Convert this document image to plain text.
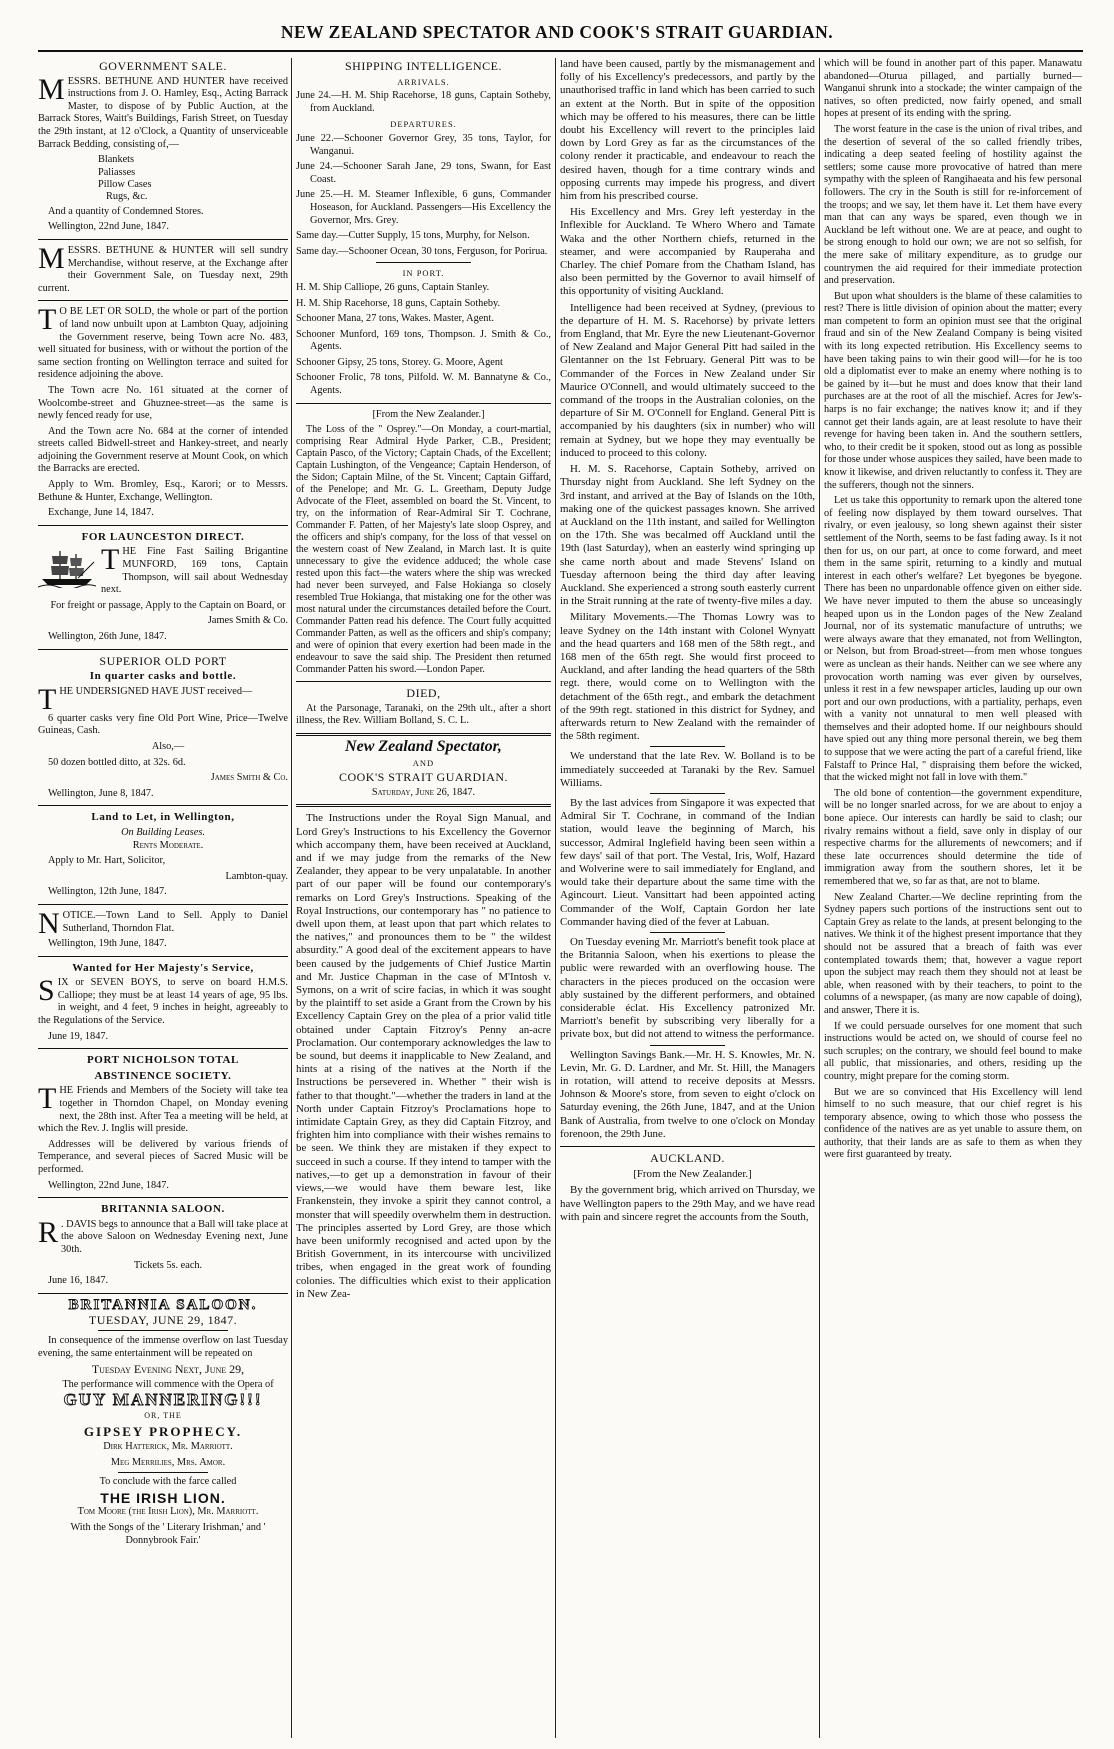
NEW ZEALAND SPECTATOR AND COOK'S STRAIT GUARDIAN.
GOVERNMENT SALE.

MESSRS. BETHUNE AND HUNTER have received instructions from J. O. Hamley, Esq., Acting Barrack Master, to dispose of by Public Auction, at the Barrack Stores, Waitt's Buildings, Farish Street, on Tuesday the 29th instant, at 12 o'Clock, a Quantity of unserviceable Barrack Bedding, consisting of,—

Blankets
Paliasses
Pillow Cases
Rugs, &c.

And a quantity of Condemned Stores.

Wellington, 22nd June, 1847.

MESSRS. BETHUNE & HUNTER will sell sundry Merchandise, without reserve, at the Exchange after their Government Sale, on Tuesday next, 29th current.

T O BE LET OR SOLD, the whole or part of the portion of land now unbuilt upon at Lambton Quay, adjoining the Government reserve, being Town acre No. 483, well situated for business, with or without the portion of the same section fronting on Wellington terrace and suited for residence adjoining the above.

The Town acre No. 161 situated at the corner of Woolcombe-street and Ghuznee-street—as the same is newly fenced ready for use,

And the Town acre No. 684 at the corner of intended streets called Bidwell-street and Hankey-street, and nearly adjoining the Government reserve at Mount Cook, on which the Barracks are erected.

Apply to Wm. Bromley, Esq., Karori; or to Messrs. Bethune & Hunter, Exchange, Wellington.

Exchange, June 14, 1847.

FOR LAUNCESTON DIRECT.

THE Fine Fast Sailing Brigantine MUNFORD, 169 tons, Captain Thompson, will sail about Wednesday next.

For freight or passage, Apply to the Captain on Board, or

James Smith & Co.

Wellington, 26th June, 1847.

SUPERIOR OLD PORT
In quarter casks and bottle.

THE UNDERSIGNED HAVE JUST received—

6 quarter casks very fine Old Port Wine, Price—Twelve Guineas, Cash.

Also,—

50 dozen bottled ditto, at 32s. 6d.

James Smith & Co.

Wellington, June 8, 1847.

Land to Let, in Wellington,
On Building Leases.

Rents Moderate.

Apply to Mr. Hart, Solicitor,

Lambton-quay.

Wellington, 12th June, 1847.

NOTICE.—Town Land to Sell. Apply to Daniel Sutherland, Thorndon Flat.

Wellington, 19th June, 1847.

Wanted for Her Majesty's Service,

SIX or SEVEN BOYS, to serve on board H.M.S. Calliope; they must be at least 14 years of age, 95 lbs. in weight, and 4 feet, 9 inches in height, agreeably to the Regulations of the Service.

June 19, 1847.

PORT NICHOLSON TOTAL
ABSTINENCE SOCIETY.

THE Friends and Members of the Society will take tea together in Thorndon Chapel, on Monday evening next, the 28th inst. After Tea a meeting will be held, at which the Rev. J. Inglis will preside.

Addresses will be delivered by various friends of Temperance, and several pieces of Sacred Music will be performed.

Wellington, 22nd June, 1847.

BRITANNIA SALOON.

R . DAVIS begs to announce that a Ball will take place at the above Saloon on Wednesday Evening next, June 30th.

Tickets 5s. each.

June 16, 1847.

BRITANNIA SALOON.
TUESDAY, JUNE 29, 1847.

In consequence of the immense overflow on last Tuesday evening, the same entertainment will be repeated on

Tuesday Evening Next, June 29,

The performance will commence with the Opera of

GUY MANNERING!!!
OR, THE
GIPSEY PROPHECY.

Dirk Hatterick, Mr. Marriott.

Meg Merrilies, Mrs. Amor.

To conclude with the farce called

THE IRISH LION.

Tom Moore (the Irish Lion), Mr. Marriott.

With the Songs of the ' Literary Irishman,' and ' Donnybrook Fair.'

SHIPPING INTELLIGENCE.
ARRIVALS.

June 24.—H. M. Ship Racehorse, 18 guns, Captain Sotheby, from Auckland.

DEPARTURES.

June 22.—Schooner Governor Grey, 35 tons, Taylor, for Wanganui.

June 24.—Schooner Sarah Jane, 29 tons, Swann, for East Coast.

June 25.—H. M. Steamer Inflexible, 6 guns, Commander Hoseason, for Auckland. Passengers—His Excellency the Governor, Mrs. Grey.

Same day.—Cutter Supply, 15 tons, Murphy, for Nelson.

Same day.—Schooner Ocean, 30 tons, Ferguson, for Porirua.

IN PORT.

H. M. Ship Calliope, 26 guns, Captain Stanley.

H. M. Ship Racehorse, 18 guns, Captain Sotheby.

Schooner Mana, 27 tons, Wakes. Master, Agent.

Schooner Munford, 169 tons, Thompson. J. Smith & Co., Agents.

Schooner Gipsy, 25 tons, Storey. G. Moore, Agent

Schooner Frolic, 78 tons, Pilfold. W. M. Bannatyne & Co., Agents.

[From the New Zealander.]

The Loss of the " Osprey."—On Monday, a court-martial, comprising Rear Admiral Hyde Parker, C.B., President; Captain Pasco, of the Victory; Captain Chads, of the Excellent; Captain Lushington, of the Vengeance; Captain Henderson, of the Sidon; Captain Milne, of the St. Vincent; Captain Giffard, of the Penelope; and Mr. G. L. Greetham, Deputy Judge Advocate of the Fleet, assembled on board the St. Vincent, to try, on the information of Rear-Admiral Sir T. Cochrane, Commander F. Patten, of her Majesty's late sloop Osprey, and the officers and ship's company, for the loss of that vessel on the western coast of New Zealand, in March last. It is quite unnecessary to give the evidence adduced; the whole case rested upon this fact—the waters where the ship was wrecked had never been surveyed, and False Hokianga so closely resembled True Hokianga, that mistaking one for the other was most natural under the circumstances detailed before the Court. Commander Patten read his defence. The Court fully acquitted Commander Patten, as well as the officers and ship's company; and were of opinion that every exertion had been made in the endeavour to save the said ship. The President then returned Commander Patten his sword.—London Paper.

DIED,

At the Parsonage, Taranaki, on the 29th ult., after a short illness, the Rev. William Bolland, S. C. L.

New Zealand Spectator,
AND
COOK'S STRAIT GUARDIAN.
Saturday, June 26, 1847.

The Instructions under the Royal Sign Manual, and Lord Grey's Instructions to his Excellency the Governor which accompany them, have been received at Auckland, and if we may judge from the remarks of the New Zealander, they appear to be very unpalatable. In another part of our paper will be found our contemporary's remarks on Lord Grey's Instructions. Speaking of the Royal Instructions, our contemporary has " no patience to dwell upon them, at least upon that part which relates to the natives," and pronounces them to be " the wildest absurdity." A good deal of the excitement appears to have been caused by the judgements of Chief Justice Martin and Mr. Justice Chapman in the case of M'Intosh v. Symons, on a writ of scire facias, in which it was sought by the plaintiff to set aside a Grant from the Crown by his Excellency Captain Grey on the plea of a prior valid title obtained under Captain Fitzroy's Penny an-acre Proclamation. Our contemporary acknowledges the law to be sound, but deems it inapplicable to New Zealand, and hints at a rising of the natives at the North if the Instructions be persevered in. Whether " their wish is father to that thought."—whether the traders in land at the North under Captain Fitzroy's Proclamations hope to intimidate Captain Grey, as they did Captain Fitzroy, and frighten him into compliance with their wishes remains to be seen. We think they are mistaken if they expect to succeed in such a course. If they intend to tamper with the natives,—to get up a demonstration in favour of their views,—we would have them beware lest, like Frankenstein, they invoke a spirit they cannot control, a monster that will speedily overwhelm them in destruction. The principles asserted by Lord Grey, are those which have been uniformly recognised and acted upon by the British Government, in its intercourse with uncivilized tribes, when engaged in the great work of founding colonies. The difficulties which exist to their application in New Zea-

land have been caused, partly by the mismanagement and folly of his Excellency's predecessors, and partly by the unauthorised traffic in land which has been carried to such an extent at the North. But in spite of the opposition which may be offered to his measures, there can be little doubt his Excellency will revert to the principles laid down by Lord Grey as far as the circumstances of the colony render it practicable, and endeavour to reach the desired haven, though for a time contrary winds and opposing currents may impede his progress, and divert him from his prescribed course.

His Excellency and Mrs. Grey left yesterday in the Inflexible for Auckland. Te Whero Whero and Tamate Waka and the other Northern chiefs, returned in the steamer, and were accompanied by Rauperaha and Charley. The chief Pomare from the Chatham Island, has also been permitted by the Governor to avail himself of this opportunity of visiting Auckland.

Intelligence had been received at Sydney, (previous to the departure of H. M. S. Racehorse) by private letters from England, that Mr. Eyre the new Lieutenant-Governor of New Zealand and Major General Pitt had sailed in the Glentanner on the 1st February. General Pitt was to be Commander of the Forces in New Zealand under Sir Maurice O'Connell, and would ultimately succeed to the command of the troops in the Australian colonies, on the departure of Sir M. O'Connell for England. General Pitt is accompanied by his daughters (six in number) who will remain at Sydney, but we hope they may eventually be induced to proceed to this colony.

H. M. S. Racehorse, Captain Sotheby, arrived on Thursday night from Auckland. She left Sydney on the 3rd instant, and arrived at the Bay of Islands on the 10th, making one of the quickest passages known. She arrived at Auckland on the 11th instant, and sailed for Wellington on the 17th. She was becalmed off Auckland until the 19th (last Saturday), when an easterly wind springing up she came north about and made Stevens' Island on Tuesday afternoon being the third day after leaving Auckland. She experienced a strong south easterly current in the Strait running at the rate of twenty-five miles a day.

Military Movements.—The Thomas Lowry was to leave Sydney on the 14th instant with Colonel Wynyatt and the head quarters and 168 men of the 58th regt., and 168 men of the 65th regt. She would first proceed to Auckland, and after landing the head quarters of the 58th regt. there, would come on to Wellington with the detachment of the 65th regt., and embark the detachment of the 99th regt. stationed in this district for Sydney, and afterwards return to New Zealand with the remainder of the 58th regiment.

We understand that the late Rev. W. Bolland is to be immediately succeeded at Taranaki by the Rev. Samuel Williams.

By the last advices from Singapore it was expected that Admiral Sir T. Cochrane, in command of the Indian station, would leave the beginning of March, his successor, Admiral Inglefield having been seen within a few days' sail of that port. The Vestal, Iris, Wolf, Hazard and Wolverine were to sail immediately for England, and would take their departure about the same time with the Agincourt. Lieut. Vansittart had been appointed acting Commander of the Wolf, Captain Gordon her late Commander having died of the fever at Labuan.

On Tuesday evening Mr. Marriott's benefit took place at the Britannia Saloon, when his exertions to please the public were rewarded with an overflowing house. The characters in the pieces produced on the occasion were ably sustained by the different performers, and obtained considerable éclat. His Excellency patronized Mr. Marriott's benefit by subscribing very liberally for a private box, but did not attend to witness the performance.

Wellington Savings Bank.—Mr. H. S. Knowles, Mr. N. Levin, Mr. G. D. Lardner, and Mr. St. Hill, the Managers in rotation, will attend to receive deposits at Messrs. Johnson & Moore's store, from seven to eight o'clock on Saturday evening, the 26th June, 1847, and at the Union Bank of Australia, from twelve to one o'clock on Monday forenoon, the 29th June.

AUCKLAND.

[From the New Zealander.]

By the government brig, which arrived on Thursday, we have Wellington papers to the 29th May, and we have read with pain and sincere regret the accounts from the South,

which will be found in another part of this paper. Manawatu abandoned—Oturua pillaged, and partially burned—Wanganui shrunk into a stockade; the winter campaign of the natives, so often predicted, now fairly opened, and small hopes at present of its ending with the spring.

The worst feature in the case is the union of rival tribes, and the desertion of several of the so called friendly tribes, indicating a deep seated feeling of hostility against the settlers; some cause more provocative of hatred than mere sympathy with the spleen of Rangihaeata and his few personal followers. The cry in the South is still for re-inforcement of the troops; and we say, let them have it. Let them have every man that can any ways be spared, even though we in Auckland be left without one. We are at peace, and ought to be strong enough to hold our own; we are not so selfish, for the mere sake of military expenditure, as to grudge our countrymen the aid required for their immediate protection and preservation.

But upon what shoulders is the blame of these calamities to rest? There is little division of opinion about the matter; every man competent to form an opinion must see that the original fraud and sin of the New Zealand Company is being visited with its long expected retribution. His Excellency seems to have been taking pains to win their good will—for he is too old a diplomatist ever to make an enemy where nothing is to be gained by it—but he must and does know that their land purchases are at the root of all the mischief. Acres for Jew's-harps is no fair exchange; the natives know it; and if they cannot get their lands again, are at least resolute to have their revenge for having been taken in. And the southern settlers, who, to their credit be it spoken, stood out as long as possible for those under whose auspices they sailed, have been made to know it likewise, and driven reluctantly to confess it. They are the sufferers, though not the sinners.

Let us take this opportunity to remark upon the altered tone of feeling now displayed by them toward ourselves. That rivalry, or even jealousy, so long shewn against their sister settlement of the North, seems to be fast fading away. Is it not then for us, on our part, at once to come forward, and meet them in the same spirit, returning to a kindly and mutual interest in each other's welfare? Let byegones be byegone. There has been no unpardonable offence given on either side. We have never imputed to them the abuse so unceasingly heaped upon us in the London pages of the New Zealand Journal, nor of its systematic manufacture of untruths; we were always aware that they emanated, not from Wellington, or Nelson, but from Broad-street—from men whose tongues were as unclean as their hands. Neither can we see where any provocation worth naming was ever given by ourselves, unless it rest in a few newspaper articles, lauding up our own port and our own productions, with a partiality, perhaps, even with a vanity not unnatural to men well pleased with themselves and their adopted home. If our neighbours should have spied out any thing more personal therein, we beg them to suppose that we were acting the part of a careful friend, like Falstaff to Prince Hal, " dispraising them before the wicked, that the wicked might not fall in love with them."

The old bone of contention—the government expenditure, will be no longer snarled across, for we are about to enjoy a bone apiece. Our interests can hardly be said to clash; our rivalry remains without a field, save only in display of our respective charms for the allurements of newcomers; and if these late occurrences should determine the tide of immigration away from the southern shores, let it be remembered that we, so far as that, are not to blame.

New Zealand Charter.—We decline reprinting from the Sydney papers such portions of the instructions sent out to Captain Grey as relate to the lands, at present belonging to the natives. We think it of the highest present importance that they should not be assured that a breach of faith was ever contemplated towards them; that, however a vague report upon the subject may reach them they should not at least be able, when reasoned with by their teachers, to point to the columns of a newspaper, (as many are now capable of doing), and answer, There it is.

If we could persuade ourselves for one moment that such instructions would be acted on, we should of course feel no such scruples; on the contrary, we should feel bound to make all public, that missionaries, and others, residing up the country, might prepare for the coming storm.

But we are so convinced that His Excellency will lend himself to no such measure, that our chief regret is his temporary absence, owing to which those who possess the confidence of the natives are as yet unable to assure them, on authority, that their lands are as safe to them as when they were first guaranteed by treaty.
